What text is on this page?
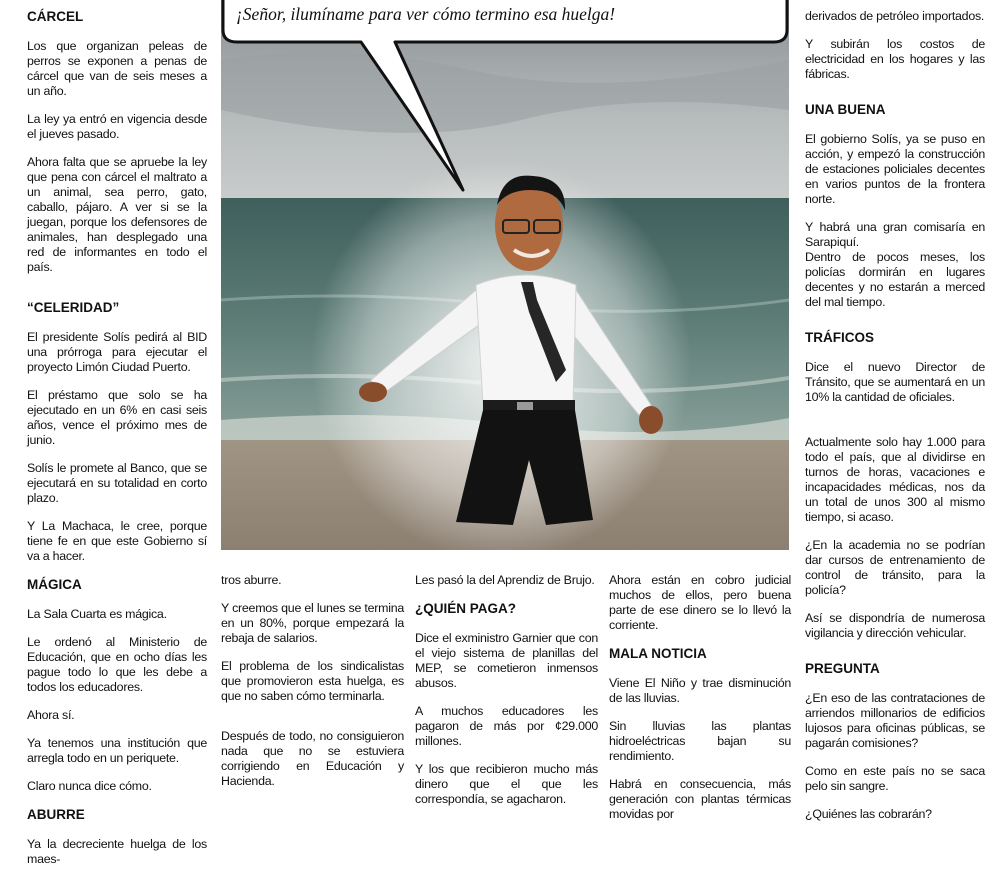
CÁRCEL

Los que organizan peleas de perros se exponen a penas de cárcel que van de seis meses a un año.

La ley ya entró en vigencia desde el jueves pasado.

Ahora falta que se apruebe la ley que pena con cárcel el maltrato a un animal, sea perro, gato, caballo, pájaro. A ver si se la juegan, porque los defensores de animales, han desplegado una red de informantes en todo el país.

“CELERIDAD”

El presidente Solís pedirá al BID una prórroga para ejecutar el proyecto Limón Ciudad Puerto.

El préstamo que solo se ha ejecutado en un 6% en casi seis años, vence el próximo mes de junio.

Solís le promete al Banco, que se ejecutará en su totalidad en corto plazo.

Y La Machaca, le cree, porque tiene fe en que este Gobierno sí va a hacer.

MÁGICA

La Sala Cuarta es mágica.

Le ordenó al Ministerio de Educación, que en ocho días les pague todo lo que les debe a todos los educadores.

Ahora sí.

Ya tenemos una institución que arregla todo en un periquete.

Claro nunca dice cómo.

ABURRE

Ya la decreciente huelga de los maes-

¡Señor, ilumíname para ver cómo termino esa huelga!

tros aburre.

Y creemos que el lunes se termina en un 80%, porque empezará la rebaja de salarios.

El problema de los sindicalistas que promovieron esta huelga, es que no saben cómo terminarla.

Después de todo, no consiguieron nada que no se estuviera corrigiendo en Educación y Hacienda.

Les pasó la del Aprendiz de Brujo.

¿QUIÉN PAGA?

Dice el exministro Garnier que con el viejo sistema de planillas del MEP, se cometieron inmensos abusos.

A muchos educadores les pagaron de más por ¢29.000 millones.

Y los que recibieron mucho más dinero que el que les correspondía, se agacharon.

Ahora están en cobro judicial muchos de ellos, pero buena parte de ese dinero se lo llevó la corriente.

MALA NOTICIA

Viene El Niño y trae disminución de las lluvias.

Sin lluvias las plantas hidroeléctricas bajan su rendimiento.

Habrá en consecuencia, más generación con plantas térmicas movidas por

derivados de petróleo importados.

Y subirán los costos de electricidad en los hogares y las fábricas.

UNA BUENA

El gobierno Solís, ya se puso en acción, y empezó la construcción de estaciones policiales decentes en varios puntos de la frontera norte.

Y habrá una gran comisaría en Sarapiquí.

Dentro de pocos meses, los policías dormirán en lugares decentes y no estarán a merced del mal tiempo.

TRÁFICOS

Dice el nuevo Director de Tránsito, que se aumentará en un 10% la cantidad de oficiales.

Actualmente solo hay 1.000 para todo el país, que al dividirse en turnos de horas, vacaciones e incapacidades médicas, nos da un total de unos 300 al mismo tiempo, si acaso.

¿En la academia no se podrían dar cursos de entrenamiento de control de tránsito, para la policía?

Así se dispondría de numerosa vigilancia y dirección vehicular.

PREGUNTA

¿En eso de las contrataciones de arriendos millonarios de edificios lujosos para oficinas públicas, se pagarán comisiones?

Como en este país no se saca pelo sin sangre.

¿Quiénes las cobrarán?
